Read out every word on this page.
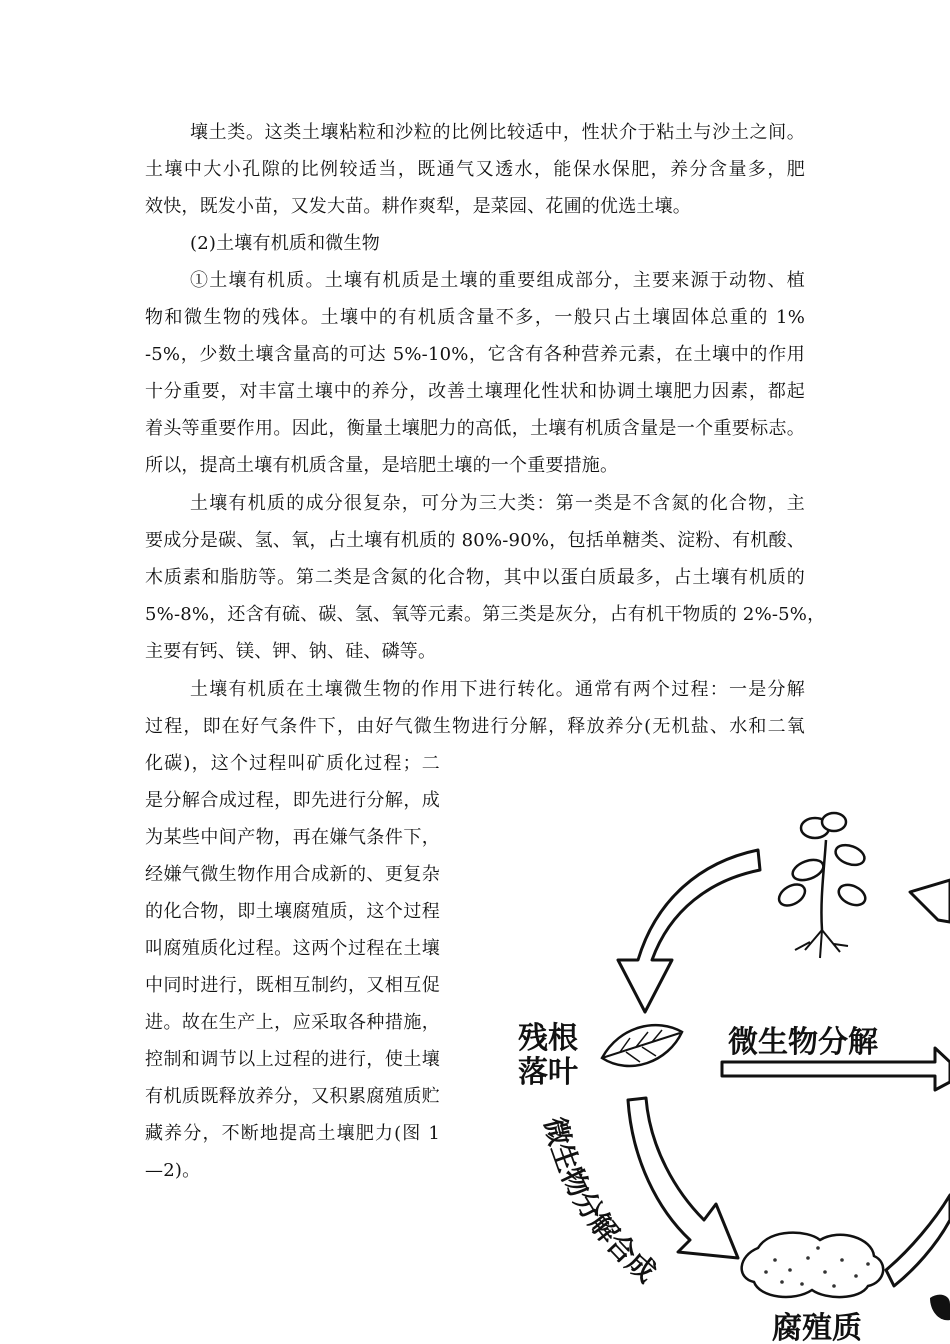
壤土类。这类土壤粘粒和沙粒的比例比较适中，性状介于粘土与沙土之间。
土壤中大小孔隙的比例较适当，既通气又透水，能保水保肥，养分含量多，肥
效快，既发小苗，又发大苗。耕作爽犁，是菜园、花圃的优选土壤。
(2)土壤有机质和微生物
①土壤有机质。土壤有机质是土壤的重要组成部分，主要来源于动物、植
物和微生物的残体。土壤中的有机质含量不多，一般只占土壤固体总重的 1%
-5%，少数土壤含量高的可达 5%-10%，它含有各种营养元素，在土壤中的作用
十分重要，对丰富土壤中的养分，改善土壤理化性状和协调土壤肥力因素，都起
着头等重要作用。因此，衡量土壤肥力的高低，土壤有机质含量是一个重要标志。
所以，提高土壤有机质含量，是培肥土壤的一个重要措施。
土壤有机质的成分很复杂，可分为三大类：第一类是不含氮的化合物，主
要成分是碳、氢、氧，占土壤有机质的 80%-90%，包括单糖类、淀粉、有机酸、
木质素和脂肪等。第二类是含氮的化合物，其中以蛋白质最多，占土壤有机质的
5%-8%，还含有硫、碳、氢、氧等元素。第三类是灰分，占有机干物质的 2%-5%，
主要有钙、镁、钾、钠、硅、磷等。
土壤有机质在土壤微生物的作用下进行转化。通常有两个过程：一是分解
过程，即在好气条件下，由好气微生物进行分解，释放养分(无机盐、水和二氧
化碳)，这个过程叫矿质化过程；二
是分解合成过程，即先进行分解，成
为某些中间产物，再在嫌气条件下，
经嫌气微生物作用合成新的、更复杂
的化合物，即土壤腐殖质，这个过程
叫腐殖质化过程。这两个过程在土壤
中同时进行，既相互制约，又相互促
进。故在生产上，应采取各种措施，
控制和调节以上过程的进行，使土壤
有机质既释放养分，又积累腐殖质贮
藏养分，不断地提高土壤肥力(图 1
—2)。
残根
落叶
微生物分解
微生物分解合成
腐殖质
